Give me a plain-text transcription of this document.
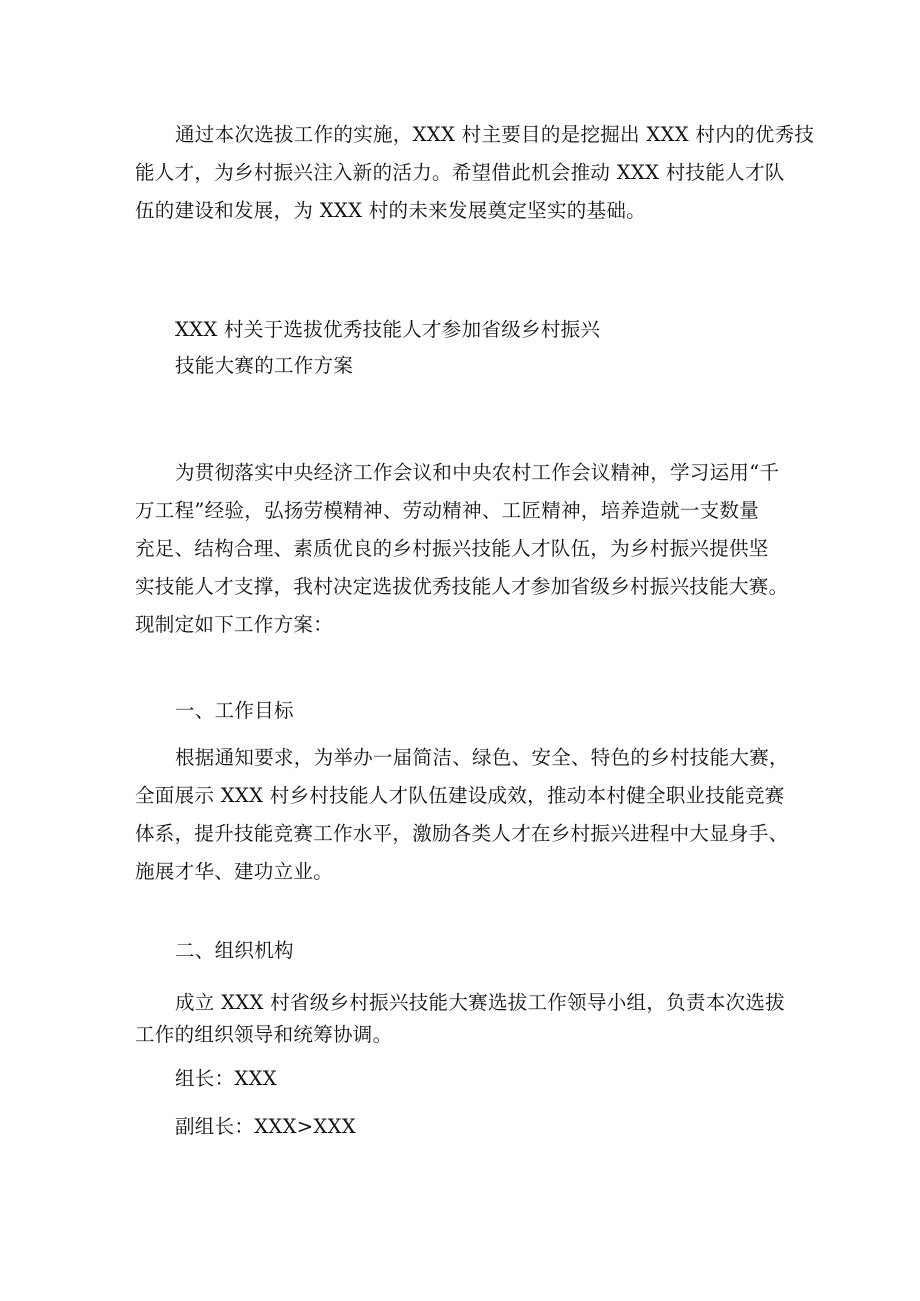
通过本次选拔工作的实施，XXX 村主要目的是挖掘出 XXX 村内的优秀技
能人才，为乡村振兴注入新的活力。希望借此机会推动 XXX 村技能人才队
伍的建设和发展，为 XXX 村的未来发展奠定坚实的基础。
XXX 村关于选拔优秀技能人才参加省级乡村振兴
技能大赛的工作方案
为贯彻落实中央经济工作会议和中央农村工作会议精神，学习运用“千
万工程”经验，弘扬劳模精神、劳动精神、工匠精神，培养造就一支数量
充足、结构合理、素质优良的乡村振兴技能人才队伍，为乡村振兴提供坚
实技能人才支撑，我村决定选拔优秀技能人才参加省级乡村振兴技能大赛。
现制定如下工作方案：
一、工作目标
根据通知要求，为举办一届简洁、绿色、安全、特色的乡村技能大赛，
全面展示 XXX 村乡村技能人才队伍建设成效，推动本村健全职业技能竞赛
体系，提升技能竞赛工作水平，激励各类人才在乡村振兴进程中大显身手、
施展才华、建功立业。
二、组织机构
成立 XXX 村省级乡村振兴技能大赛选拔工作领导小组，负责本次选拔
工作的组织领导和统筹协调。
组长：XXX
副组长：XXX>XXX
